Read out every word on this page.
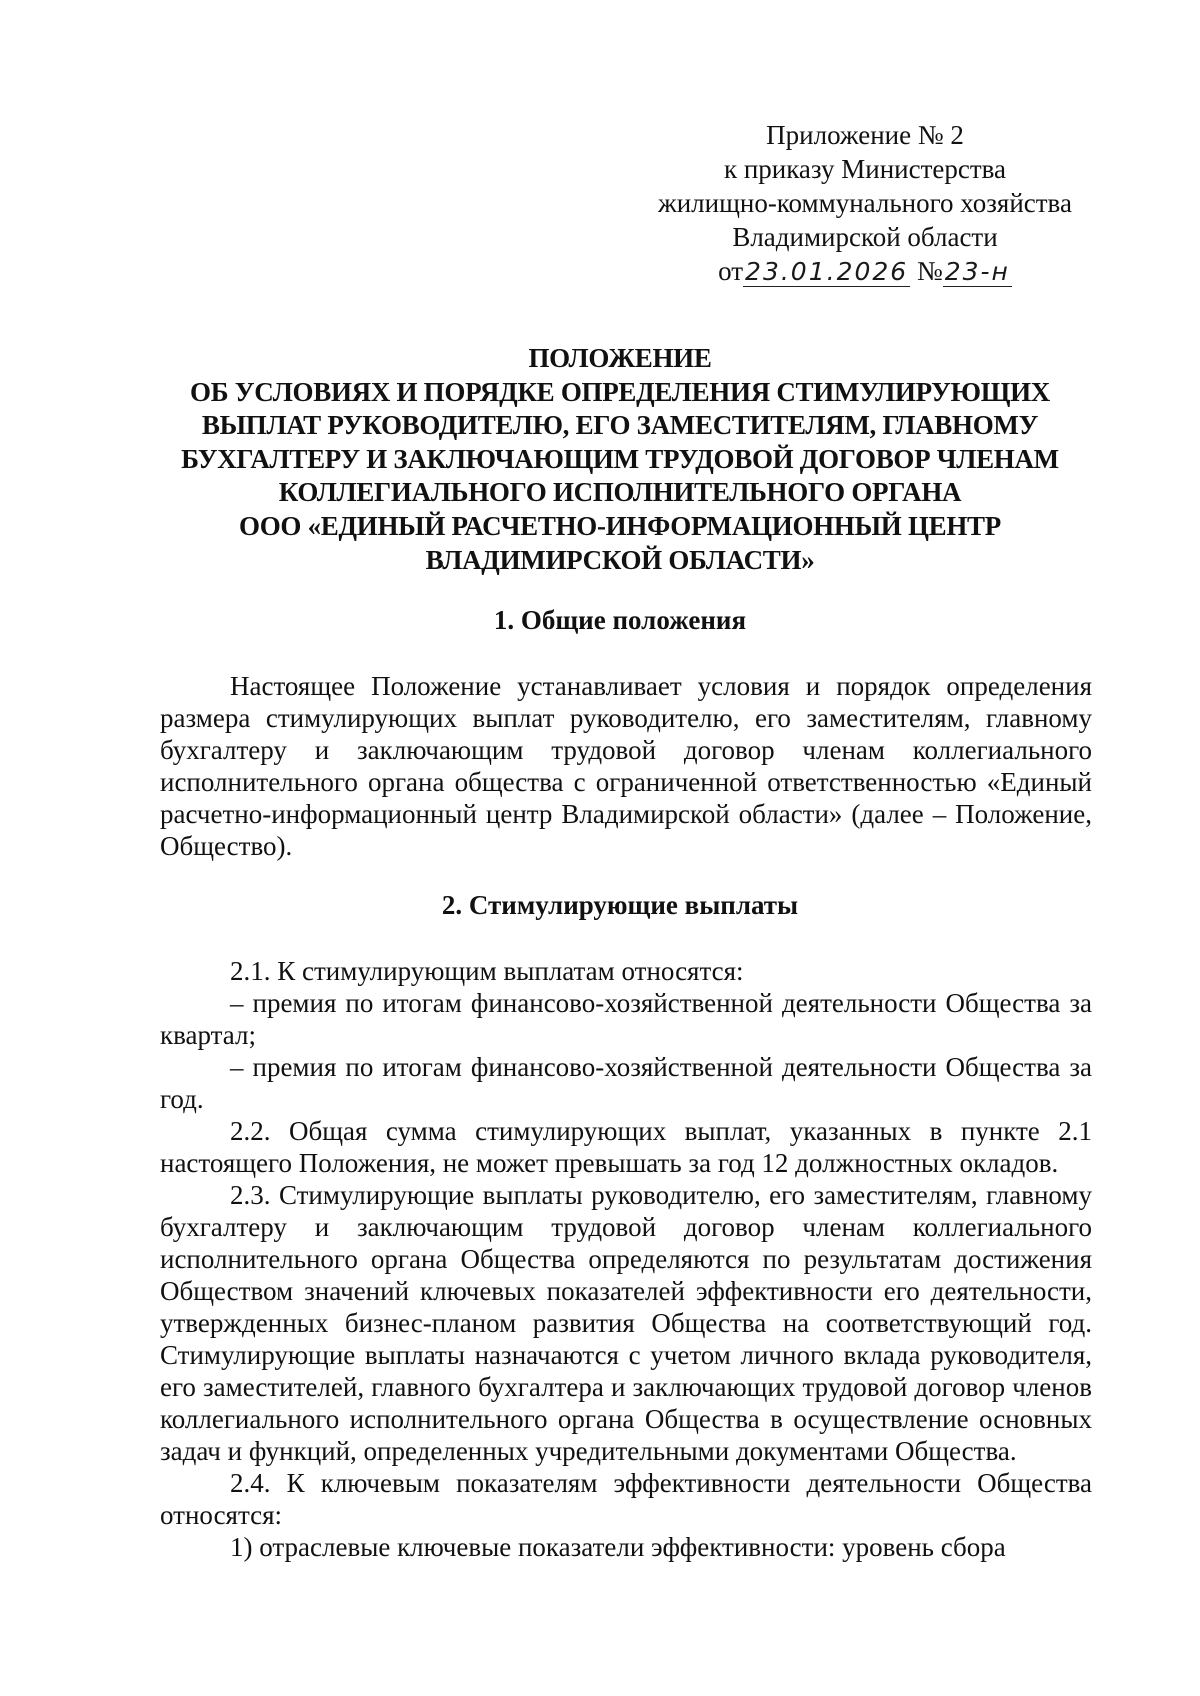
Приложение № 2
к приказу Министерства
жилищно-коммунального хозяйства
Владимирской области
от23.01.2026 №23-н
ПОЛОЖЕНИЕ
ОБ УСЛОВИЯХ И ПОРЯДКЕ ОПРЕДЕЛЕНИЯ СТИМУЛИРУЮЩИХ
ВЫПЛАТ РУКОВОДИТЕЛЮ, ЕГО ЗАМЕСТИТЕЛЯМ, ГЛАВНОМУ
БУХГАЛТЕРУ И ЗАКЛЮЧАЮЩИМ ТРУДОВОЙ ДОГОВОР ЧЛЕНАМ
КОЛЛЕГИАЛЬНОГО ИСПОЛНИТЕЛЬНОГО ОРГАНА
ООО «ЕДИНЫЙ РАСЧЕТНО-ИНФОРМАЦИОННЫЙ ЦЕНТР
ВЛАДИМИРСКОЙ ОБЛАСТИ»
1. Общие положения

Настоящее Положение устанавливает условия и порядок определения размера стимулирующих выплат руководителю, его заместителям, главному бухгалтеру и заключающим трудовой договор членам коллегиального исполнительного органа общества с ограниченной ответственностью «Единый расчетно-информационный центр Владимирской области» (далее – Положение, Общество).

2. Стимулирующие выплаты

2.1. К стимулирующим выплатам относятся:

– премия по итогам финансово-хозяйственной деятельности Общества за квартал;

– премия по итогам финансово-хозяйственной деятельности Общества за год.

2.2. Общая сумма стимулирующих выплат, указанных в пункте 2.1 настоящего Положения, не может превышать за год 12 должностных окладов.

2.3. Стимулирующие выплаты руководителю, его заместителям, главному бухгалтеру и заключающим трудовой договор членам коллегиального исполнительного органа Общества определяются по результатам достижения Обществом значений ключевых показателей эффективности его деятельности, утвержденных бизнес-планом развития Общества на соответствующий год. Стимулирующие выплаты назначаются с учетом личного вклада руководителя, его заместителей, главного бухгалтера и заключающих трудовой договор членов коллегиального исполнительного органа Общества в осуществление основных задач и функций, определенных учредительными документами Общества.

2.4. К ключевым показателям эффективности деятельности Общества относятся:

1) отраслевые ключевые показатели эффективности: уровень сбора
